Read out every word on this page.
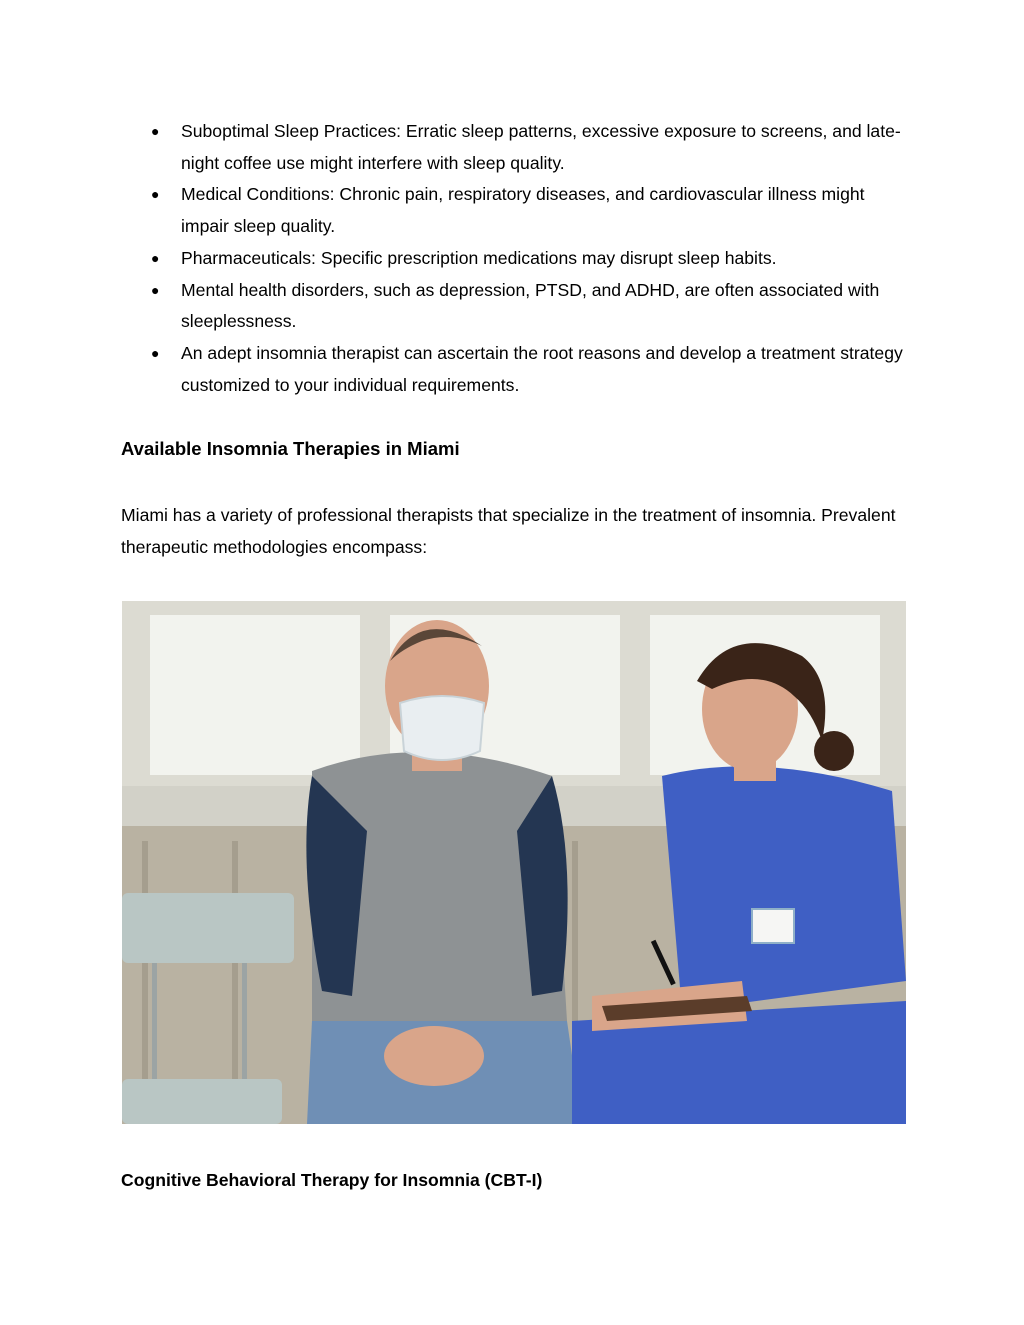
● Suboptimal Sleep Practices: Erratic sleep patterns, excessive exposure to screens, and late-night coffee use might interfere with sleep quality.
● Medical Conditions: Chronic pain, respiratory diseases, and cardiovascular illness might impair sleep quality.
● Pharmaceuticals: Specific prescription medications may disrupt sleep habits.
● Mental health disorders, such as depression, PTSD, and ADHD, are often associated with sleeplessness.
● An adept insomnia therapist can ascertain the root reasons and develop a treatment strategy customized to your individual requirements.
Available Insomnia Therapies in Miami

Miami has a variety of professional therapists that specialize in the treatment of insomnia. Prevalent therapeutic methodologies encompass:

Cognitive Behavioral Therapy for Insomnia (CBT-I)
